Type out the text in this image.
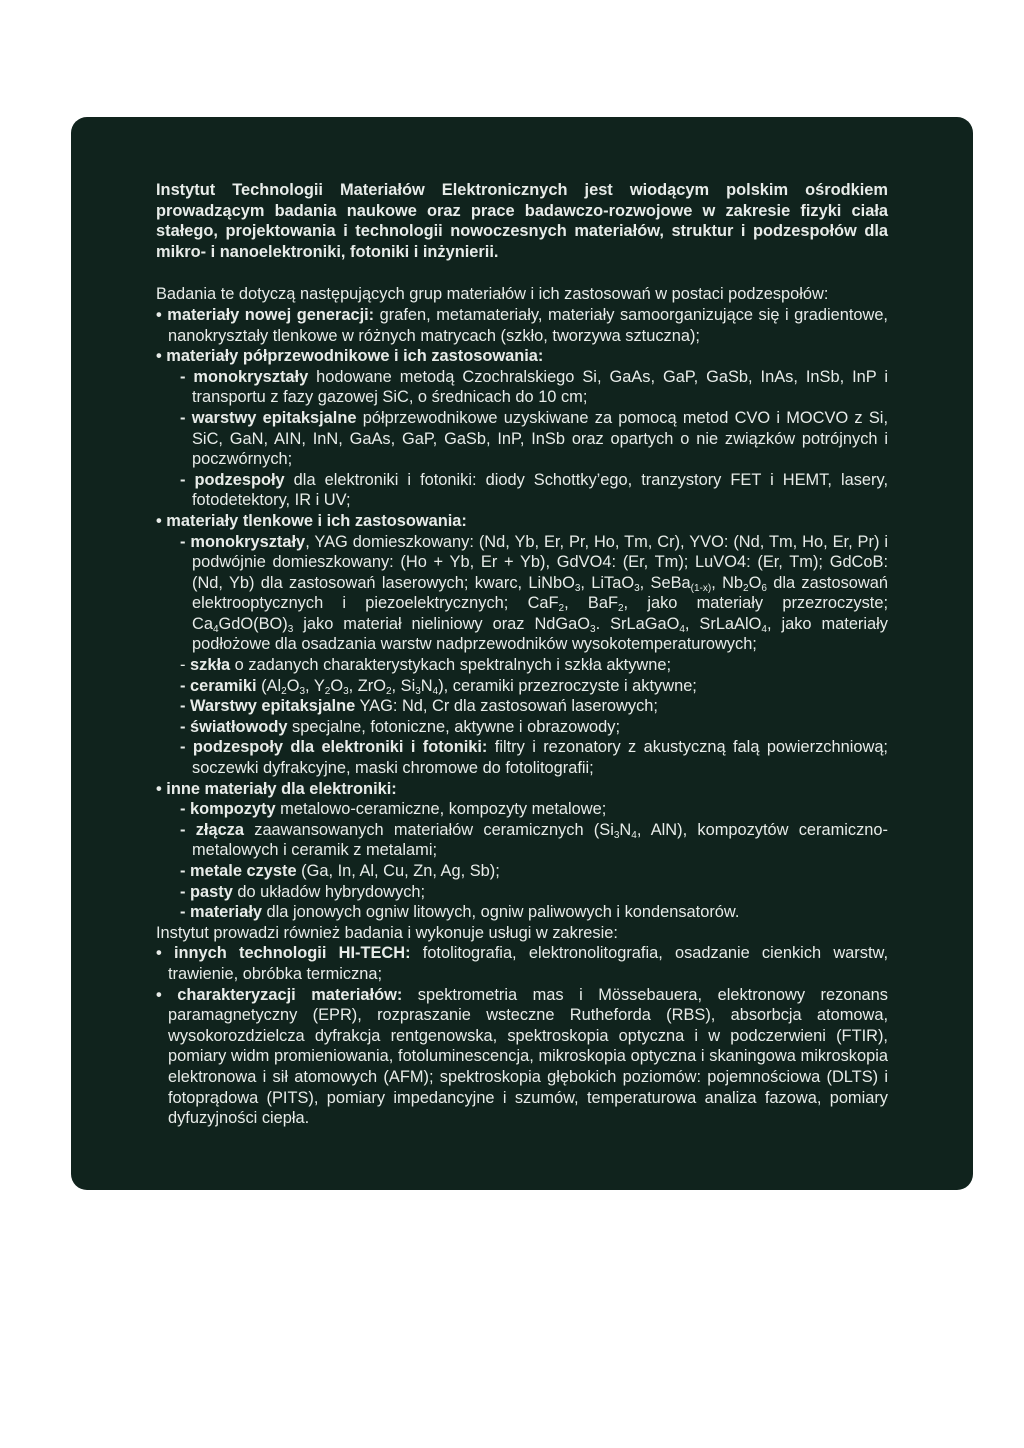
Instytut Technologii Materiałów Elektronicznych jest wiodącym polskim ośrodkiem prowadzącym badania naukowe oraz prace badawczo-rozwojowe w zakresie fizyki ciała stałego, projektowania i technologii nowoczesnych materiałów, struktur i podzespołów dla mikro- i nanoelektroniki, fotoniki i inżynierii.

Badania te dotyczą następujących grup materiałów i ich zastosowań w postaci podzespołów:

• materiały nowej generacji: grafen, metamateriały, materiały samoorganizujące się i gradientowe, nanokryształy tlenkowe w różnych matrycach (szkło, tworzywa sztuczna);

• materiały półprzewodnikowe i ich zastosowania:

- monokryształy hodowane metodą Czochralskiego Si, GaAs, GaP, GaSb, InAs, InSb, InP i transportu z fazy gazowej SiC, o średnicach do 10 cm;

- warstwy epitaksjalne półprzewodnikowe uzyskiwane za pomocą metod CVO i MOCVO z Si, SiC, GaN, AIN, InN, GaAs, GaP, GaSb, InP, InSb oraz opartych o nie związków potrójnych i poczwórnych;

- podzespoły dla elektroniki i fotoniki: diody Schottky’ego, tranzystory FET i HEMT, lasery, fotodetektory, IR i UV;

• materiały tlenkowe i ich zastosowania:

- monokryształy, YAG domieszkowany: (Nd, Yb, Er, Pr, Ho, Tm, Cr), YVO: (Nd, Tm, Ho, Er, Pr) i podwójnie domieszkowany: (Ho + Yb, Er + Yb), GdVO4: (Er, Tm); LuVO4: (Er, Tm); GdCoB: (Nd, Yb) dla zastosowań laserowych; kwarc, LiNbO$_3$, LiTaO$_3$, SeBa$_{(1-x)}$, $Nb_2O_6$ dla zastosowań elektrooptycznych i piezoelektrycznych; CaF$_2$, BaF$_2$, jako materiały przezroczyste; $Ca_4GdO(BO)_3$ jako materiał nieliniowy oraz NdGaO$_3$. SrLaGaO$_4$, SrLaAlO$_4$, jako materiały podłożowe dla osadzania warstw nadprzewodników wysokotemperaturowych;

- szkła o zadanych charakterystykach spektralnych i szkła aktywne;

- ceramiki ($Al_2O_3$, $Y_2O_3$, ZrO$_2$, $Si_3N_4$), ceramiki przezroczyste i aktywne;

- Warstwy epitaksjalne YAG: Nd, Cr dla zastosowań laserowych;

- światłowody specjalne, fotoniczne, aktywne i obrazowody;

- podzespoły dla elektroniki i fotoniki: filtry i rezonatory z akustyczną falą powierzchniową; soczewki dyfrakcyjne, maski chromowe do fotolitografii;

• inne materiały dla elektroniki:

- kompozyty metalowo-ceramiczne, kompozyty metalowe;

- złącza zaawansowanych materiałów ceramicznych ($Si_3N_4$, AlN), kompozytów ceramiczno-metalowych i ceramik z metalami;

- metale czyste (Ga, In, Al, Cu, Zn, Ag, Sb);

- pasty do układów hybrydowych;

- materiały dla jonowych ogniw litowych, ogniw paliwowych i kondensatorów.

Instytut prowadzi również badania i wykonuje usługi w zakresie:

• innych technologii HI-TECH: fotolitografia, elektronolitografia, osadzanie cienkich warstw, trawienie, obróbka termiczna;

• charakteryzacji materiałów: spektrometria mas i Mössebauera, elektronowy rezonans paramagnetyczny (EPR), rozpraszanie wsteczne Rutheforda (RBS), absorbcja atomowa, wysokorozdzielcza dyfrakcja rentgenowska, spektroskopia optyczna i w podczerwieni (FTIR), pomiary widm promieniowania, fotoluminescencja, mikroskopia optyczna i skaningowa mikroskopia elektronowa i sił atomowych (AFM); spektroskopia głębokich poziomów: pojemnościowa (DLTS) i fotoprądowa (PITS), pomiary impedancyjne i szumów, temperaturowa analiza fazowa, pomiary dyfuzyjności ciepła.
